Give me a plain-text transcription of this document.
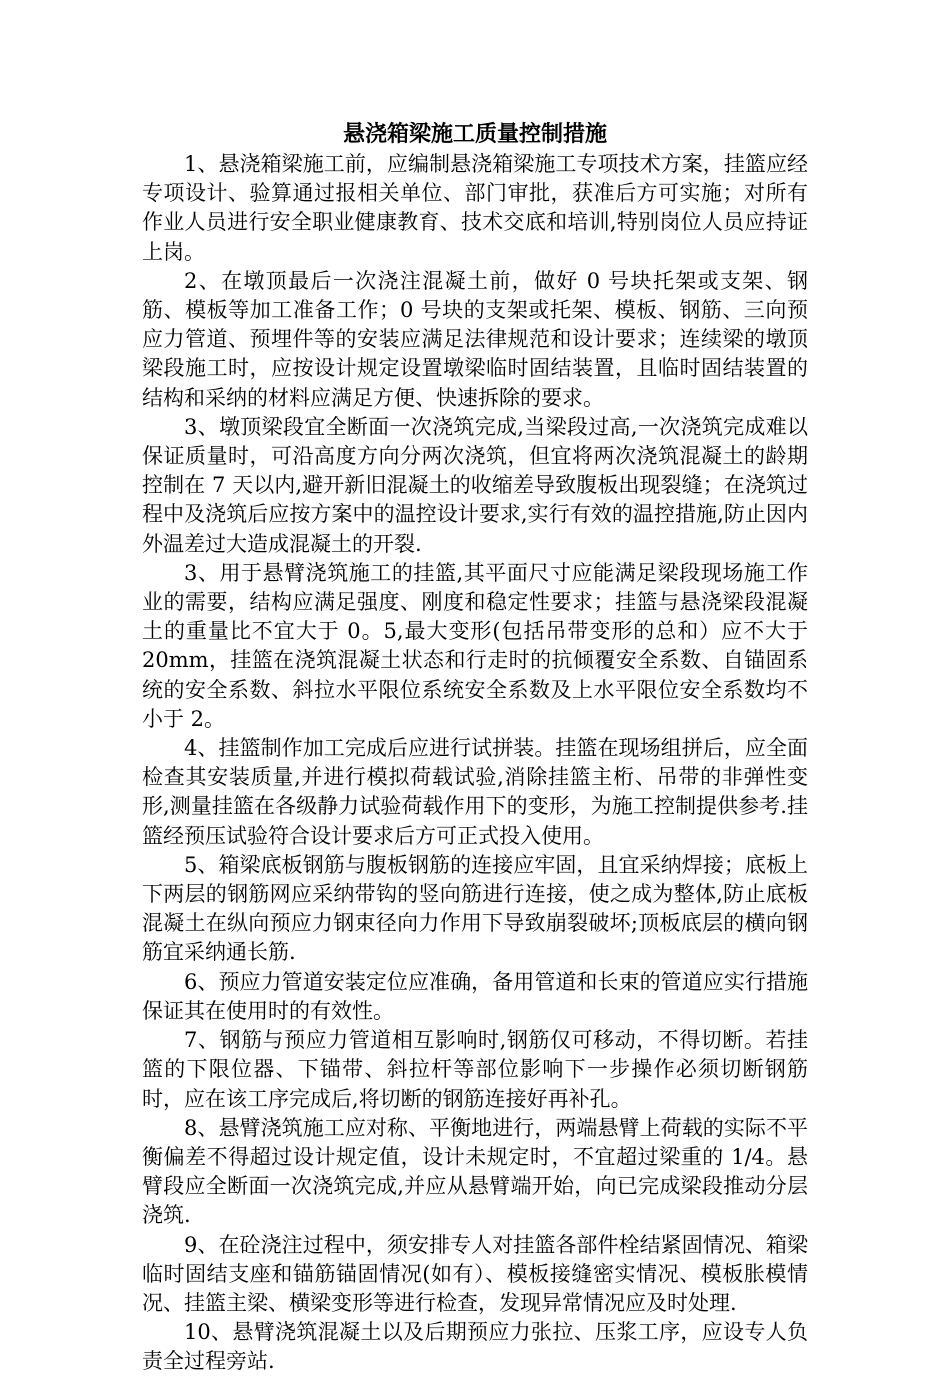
悬浇箱梁施工质量控制措施

1、悬浇箱梁施工前，应编制悬浇箱梁施工专项技术方案，挂篮应经专项设计、验算通过报相关单位、部门审批，获准后方可实施；对所有作业人员进行安全职业健康教育、技术交底和培训,特别岗位人员应持证上岗。

2、在墩顶最后一次浇注混凝土前，做好 0 号块托架或支架、钢筋、模板等加工准备工作；0 号块的支架或托架、模板、钢筋、三向预应力管道、预埋件等的安装应满足法律规范和设计要求；连续梁的墩顶梁段施工时，应按设计规定设置墩梁临时固结装置，且临时固结装置的结构和采纳的材料应满足方便、快速拆除的要求。

3、墩顶梁段宜全断面一次浇筑完成,当梁段过高,一次浇筑完成难以保证质量时，可沿高度方向分两次浇筑，但宜将两次浇筑混凝土的龄期控制在 7 天以内,避开新旧混凝土的收缩差导致腹板出现裂缝；在浇筑过程中及浇筑后应按方案中的温控设计要求,实行有效的温控措施,防止因内外温差过大造成混凝土的开裂.

3、用于悬臂浇筑施工的挂篮,其平面尺寸应能满足梁段现场施工作业的需要，结构应满足强度、刚度和稳定性要求；挂篮与悬浇梁段混凝土的重量比不宜大于 0。5,最大变形(包括吊带变形的总和）应不大于 20mm，挂篮在浇筑混凝土状态和行走时的抗倾覆安全系数、自锚固系统的安全系数、斜拉水平限位系统安全系数及上水平限位安全系数均不小于 2。

4、挂篮制作加工完成后应进行试拼装。挂篮在现场组拼后，应全面检查其安装质量,并进行模拟荷载试验,消除挂篮主桁、吊带的非弹性变形,测量挂篮在各级静力试验荷载作用下的变形，为施工控制提供参考.挂篮经预压试验符合设计要求后方可正式投入使用。

5、箱梁底板钢筋与腹板钢筋的连接应牢固，且宜采纳焊接；底板上下两层的钢筋网应采纳带钩的竖向筋进行连接，使之成为整体,防止底板混凝土在纵向预应力钢束径向力作用下导致崩裂破坏;顶板底层的横向钢筋宜采纳通长筋.

6、预应力管道安装定位应准确，备用管道和长束的管道应实行措施保证其在使用时的有效性。

7、钢筋与预应力管道相互影响时,钢筋仅可移动，不得切断。若挂篮的下限位器、下锚带、斜拉杆等部位影响下一步操作必须切断钢筋时，应在该工序完成后,将切断的钢筋连接好再补孔。

8、悬臂浇筑施工应对称、平衡地进行，两端悬臂上荷载的实际不平衡偏差不得超过设计规定值，设计未规定时，不宜超过梁重的 1/4。悬臂段应全断面一次浇筑完成,并应从悬臂端开始，向已完成梁段推动分层浇筑.

9、在砼浇注过程中，须安排专人对挂篮各部件栓结紧固情况、箱梁临时固结支座和锚筋锚固情况(如有）、模板接缝密实情况、模板胀模情况、挂篮主梁、横梁变形等进行检查，发现异常情况应及时处理.

10、悬臂浇筑混凝土以及后期预应力张拉、压浆工序，应设专人负责全过程旁站.
